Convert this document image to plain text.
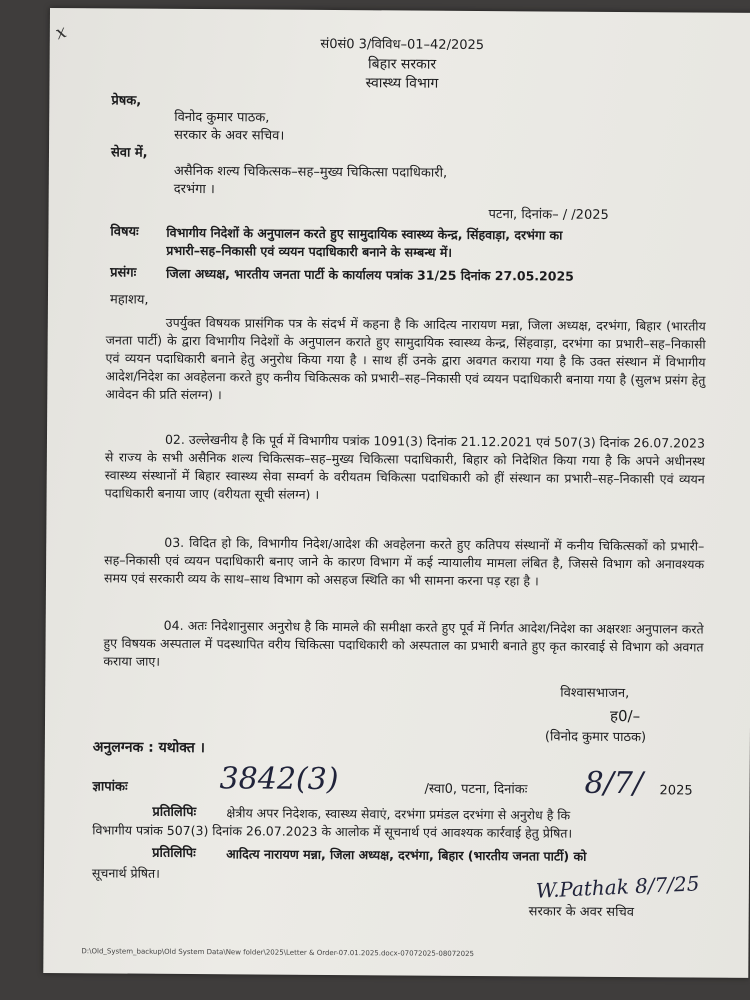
x
सं0सं0 3/विविध–01–42/2025
बिहार सरकार
स्वास्थ्य विभाग
प्रेषक,
विनोद कुमार पाठक,
सरकार के अवर सचिव।
सेवा में,
असैनिक शल्य चिकित्सक–सह–मुख्य चिकित्सा पदाधिकारी,
दरभंगा ।
पटना, दिनांक– / /2025
विषयः विभागीय निदेशों के अनुपालन करते हुए सामुदायिक स्वास्थ्य केन्द्र, सिंहवाड़ा, दरभंगा का
प्रभारी–सह–निकासी एवं व्ययन पदाधिकारी बनाने के सम्बन्ध में।
प्रसंगः जिला अध्यक्ष, भारतीय जनता पार्टी के कार्यालय पत्रांक 31/25 दिनांक 27.05.2025
महाशय,
उपर्युक्त विषयक प्रासंगिक पत्र के संदर्भ में कहना है कि आदित्य नारायण मन्ना, जिला अध्यक्ष, दरभंगा, बिहार (भारतीय जनता पार्टी) के द्वारा विभागीय निदेशों के अनुपालन कराते हुए सामुदायिक स्वास्थ्य केन्द्र, सिंहवाड़ा, दरभंगा का प्रभारी–सह–निकासी एवं व्ययन पदाधिकारी बनाने हेतु अनुरोध किया गया है । साथ हीं उनके द्वारा अवगत कराया गया है कि उक्त संस्थान में विभागीय आदेश/निदेश का अवहेलना करते हुए कनीय चिकित्सक को प्रभारी–सह–निकासी एवं व्ययन पदाधिकारी बनाया गया है (सुलभ प्रसंग हेतु आवेदन की प्रति संलग्न) ।
02. उल्लेखनीय है कि पूर्व में विभागीय पत्रांक 1091(3) दिनांक 21.12.2021 एवं 507(3) दिनांक 26.07.2023 से राज्य के सभी असैनिक शल्य चिकित्सक–सह–मुख्य चिकित्सा पदाधिकारी, बिहार को निदेशित किया गया है कि अपने अधीनस्थ स्वास्थ्य संस्थानों में बिहार स्वास्थ्य सेवा सम्वर्ग के वरीयतम चिकित्सा पदाधिकारी को हीं संस्थान का प्रभारी–सह–निकासी एवं व्ययन पदाधिकारी बनाया जाए (वरीयता सूची संलग्न) ।
03. विदित हो कि, विभागीय निदेश/आदेश की अवहेलना करते हुए कतिपय संस्थानों में कनीय चिकित्सकों को प्रभारी–सह–निकासी एवं व्ययन पदाधिकारी बनाए जाने के कारण विभाग में कई न्यायालीय मामला लंबित है, जिससे विभाग को अनावश्यक समय एवं सरकारी व्यय के साथ–साथ विभाग को असहज स्थिति का भी सामना करना पड़ रहा है ।
04. अतः निदेशानुसार अनुरोध है कि मामले की समीक्षा करते हुए पूर्व में निर्गत आदेश/निदेश का अक्षरशः अनुपालन करते हुए विषयक अस्पताल में पदस्थापित वरीय चिकित्सा पदाधिकारी को अस्पताल का प्रभारी बनाते हुए कृत कारवाई से विभाग को अवगत कराया जाए।
विश्वासभाजन,
ह0/–
(विनोद कुमार पाठक)
अनुलग्नक : यथोक्त ।
ज्ञापांकः	3842(3)	/स्वा0, पटना, दिनांकः 8/7/ 2025
प्रतिलिपिः क्षेत्रीय अपर निदेशक, स्वास्थ्य सेवाएं, दरभंगा प्रमंडल दरभंगा से अनुरोध है कि
विभागीय पत्रांक 507(3) दिनांक 26.07.2023 के आलोक में सूचनार्थ एवं आवश्यक कार्रवाई हेतु प्रेषित।
प्रतिलिपिः आदित्य नारायण मन्ना, जिला अध्यक्ष, दरभंगा, बिहार (भारतीय जनता पार्टी) को
सूचनार्थ प्रेषित।	W.Pathak 8/7/25
सरकार के अवर सचिव
D:\Old_System_backup\Old System Data\New folder\2025\Letter & Order-07.01.2025.docx-07072025-08072025
